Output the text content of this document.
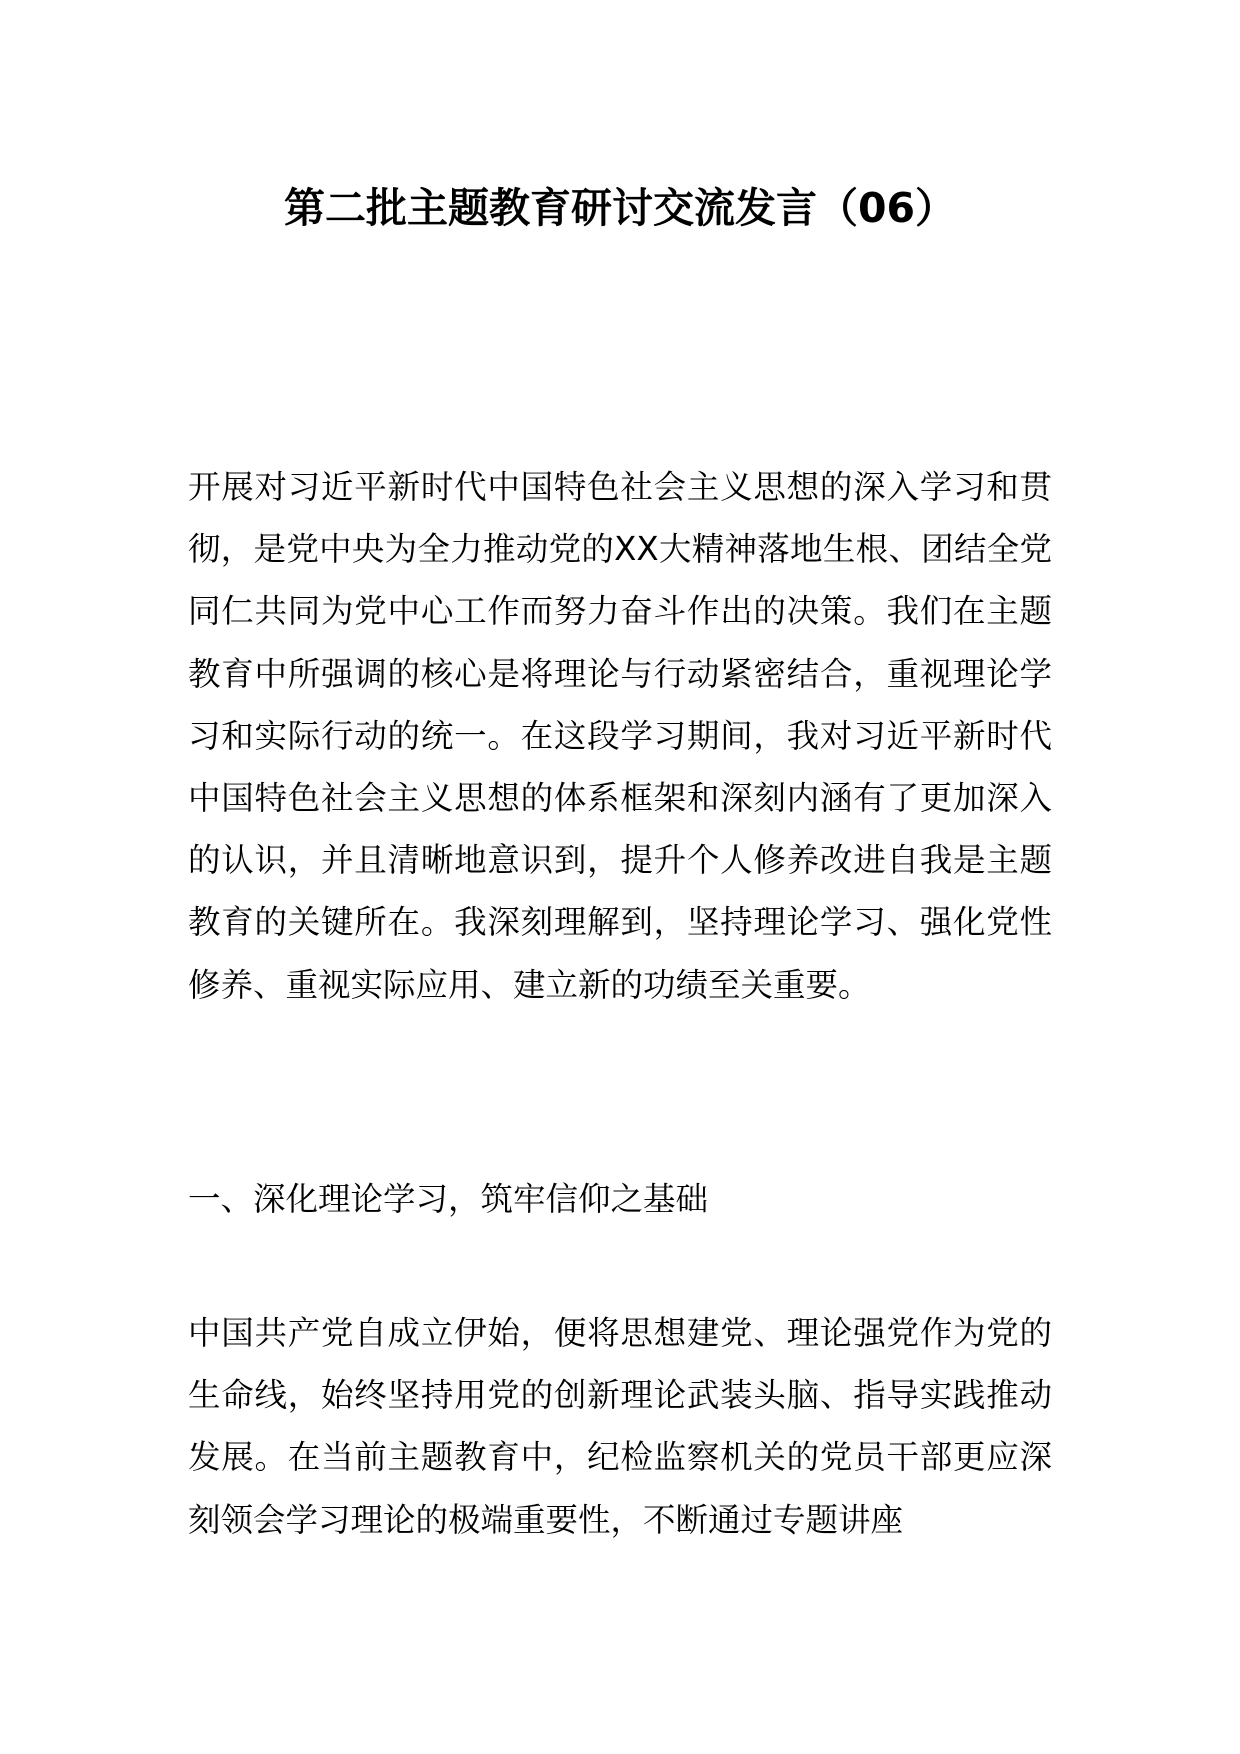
第二批主题教育研讨交流发言（06）

开展对习近平新时代中国特色社会主义思想的深入学习和贯彻，是党中央为全力推动党的XX大精神落地生根、团结全党同仁共同为党中心工作而努力奋斗作出的决策。我们在主题教育中所强调的核心是将理论与行动紧密结合，重视理论学习和实际行动的统一。在这段学习期间，我对习近平新时代中国特色社会主义思想的体系框架和深刻内涵有了更加深入的认识，并且清晰地意识到，提升个人修养改进自我是主题教育的关键所在。我深刻理解到，坚持理论学习、强化党性修养、重视实际应用、建立新的功绩至关重要。

一、深化理论学习，筑牢信仰之基础

中国共产党自成立伊始，便将思想建党、理论强党作为党的生命线，始终坚持用党的创新理论武装头脑、指导实践推动发展。在当前主题教育中，纪检监察机关的党员干部更应深刻领会学习理论的极端重要性，不断通过专题讲座
